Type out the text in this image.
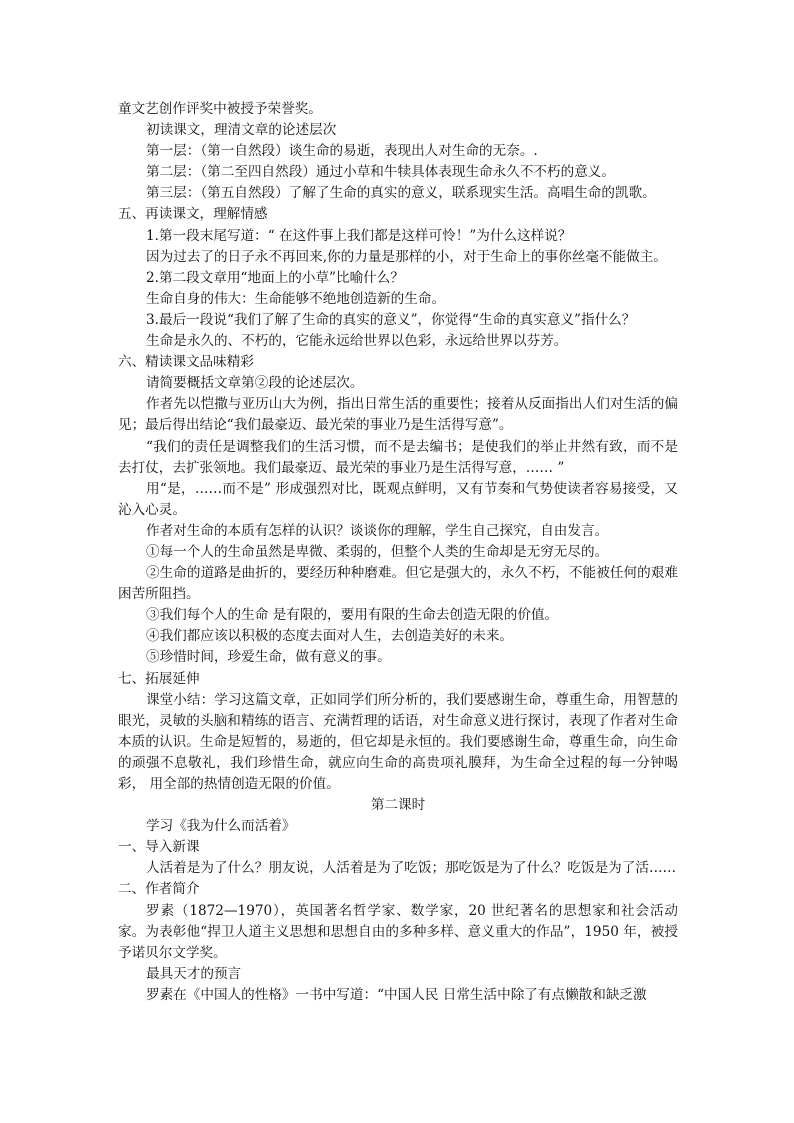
童文艺创作评奖中被授予荣誉奖。
初读课文，理清文章的论述层次
第一层：（第一自然段）谈生命的易逝，表现出人对生命的无奈。.
第二层：（第二至四自然段）通过小草和牛犊具体表现生命永久不不朽的意义。
第三层：（第五自然段）了解了生命的真实的意义，联系现实生活。高唱生命的凯歌。
五、再读课文，理解情感
1.第一段末尾写道：“ 在这件事上我们都是这样可怜！”为什么这样说？
因为过去了的日子永不再回来,你的力量是那样的小，对于生命上的事你丝毫不能做主。
2.第二段文章用“地面上的小草”比喻什么？
生命自身的伟大：生命能够不绝地创造新的生命。
3.最后一段说“我们了解了生命的真实的意义”，你觉得“生命的真实意义”指什么？
生命是永久的、不朽的，它能永远给世界以色彩，永远给世界以芬芳。
六、精读课文品味精彩
请简要概括文章第②段的论述层次。
作者先以恺撒与亚历山大为例，指出日常生活的重要性；接着从反面指出人们对生活的偏见；最后得出结论“我们最豪迈、最光荣的事业乃是生活得写意”。
“我们的责任是调整我们的生活习惯，而不是去编书；是使我们的举止井然有致，而不是去打仗，去扩张领地。我们最豪迈、最光荣的事业乃是生活得写意，…… ”
用“是，……而不是” 形成强烈对比，既观点鲜明，又有节奏和气势使读者容易接受，又沁入心灵。
作者对生命的本质有怎样的认识？谈谈你的理解，学生自己探究，自由发言。
①每一个人的生命虽然是卑微、柔弱的，但整个人类的生命却是无穷无尽的。
②生命的道路是曲折的，要经历种种磨难。但它是强大的，永久不朽，不能被任何的艰难困苦所阻挡。
③我们每个人的生命 是有限的，要用有限的生命去创造无限的价值。
④我们都应该以积极的态度去面对人生，去创造美好的未来。
⑤珍惜时间，珍爱生命，做有意义的事。
七、拓展延伸
课堂小结：学习这篇文章，正如同学们所分析的，我们要感谢生命，尊重生命，用智慧的眼光，灵敏的头脑和精练的语言、充满哲理的话语，对生命意义进行探讨，表现了作者对生命本质的认识。生命是短暂的，易逝的，但它却是永恒的。我们要感谢生命，尊重生命，向生命的顽强不息敬礼，我们珍惜生命，就应向生命的高贵项礼膜拜，为生命全过程的每一分钟喝彩， 用全部的热情创造无限的价值。
第二课时
学习《我为什么而活着》
一、导入新课
人活着是为了什么？朋友说，人活着是为了吃饭；那吃饭是为了什么？吃饭是为了活……
二、作者简介
罗素（1872—1970），英国著名哲学家、数学家，20 世纪著名的思想家和社会活动家。为表彰他“捍卫人道主义思想和思想自由的多种多样、意义重大的作品”，1950 年，被授予诺贝尔文学奖。
最具天才的预言
罗素在《中国人的性格》一书中写道：“中国人民 日常生活中除了有点懒散和缺乏激
